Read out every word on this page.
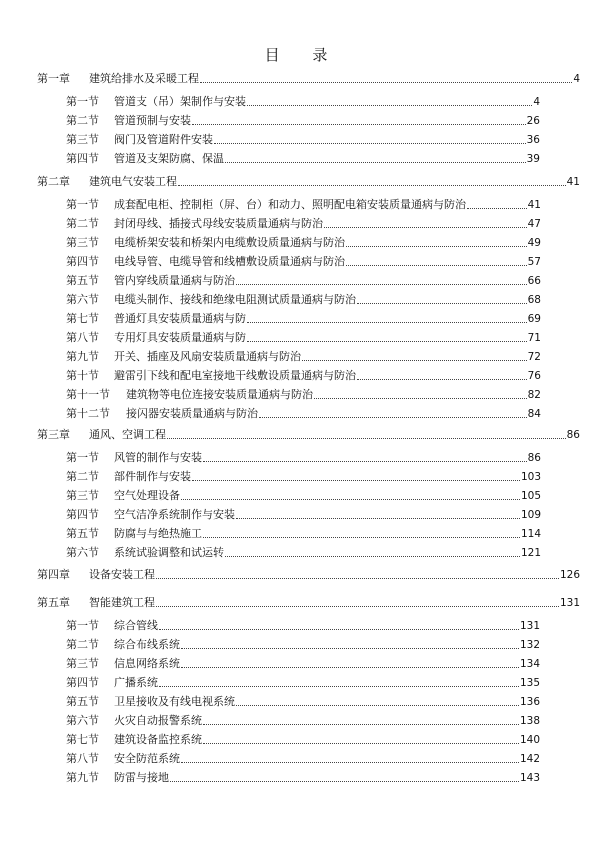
目 录
第一章	建筑给排水及采暖工程	4
第一节	管道支（吊）架制作与安装	4
第二节	管道预制与安装	26
第三节	阀门及管道附件安装	36
第四节	管道及支架防腐、保温	39
第二章	建筑电气安装工程	41
第一节	成套配电柜、控制柜（屏、台）和动力、照明配电箱安装质量通病与防治	41
第二节	封闭母线、插接式母线安装质量通病与防治	47
第三节	电缆桥架安装和桥架内电缆敷设质量通病与防治	49
第四节	电线导管、电缆导管和线槽敷设质量通病与防治	57
第五节	管内穿线质量通病与防治	66
第六节	电缆头制作、接线和绝缘电阻测试质量通病与防治	68
第七节	普通灯具安装质量通病与防	69
第八节	专用灯具安装质量通病与防	71
第九节	开关、插座及风扇安装质量通病与防治	72
第十节	避雷引下线和配电室接地干线敷设质量通病与防治	76
第十一节	建筑物等电位连接安装质量通病与防治	82
第十二节	接闪器安装质量通病与防治	84
第三章	通风、空调工程	86
第一节	风管的制作与安装	86
第二节	部件制作与安装	103
第三节	空气处理设备	105
第四节	空气洁净系统制作与安装	109
第五节	防腐与与绝热施工	114
第六节	系统试验调整和试运转	121
第四章	设备安装工程	126
第五章	智能建筑工程	131
第一节	综合管线	131
第二节	综合布线系统	132
第三节	信息网络系统	134
第四节	广播系统	135
第五节	卫星接收及有线电视系统	136
第六节	火灾自动报警系统	138
第七节	建筑设备监控系统	140
第八节	安全防范系统	142
第九节	防雷与接地	143
